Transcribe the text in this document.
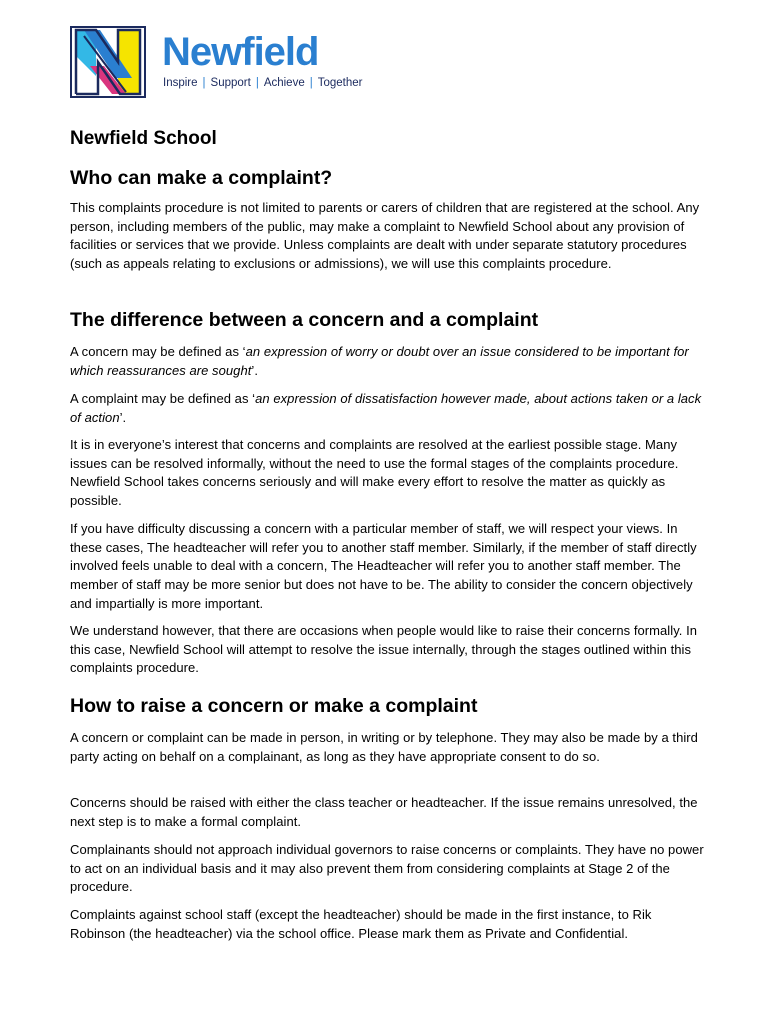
Newfield
Inspire | Support | Achieve | Together
Newfield School
Who can make a complaint?

This complaints procedure is not limited to parents or carers of children that are registered at the school. Any person, including members of the public, may make a complaint to Newfield School about any provision of facilities or services that we provide. Unless complaints are dealt with under separate statutory procedures (such as appeals relating to exclusions or admissions), we will use this complaints procedure.

The difference between a concern and a complaint

A concern may be defined as ‘an expression of worry or doubt over an issue considered to be important for which reassurances are sought’.

A complaint may be defined as ‘an expression of dissatisfaction however made, about actions taken or a lack of action’.

It is in everyone’s interest that concerns and complaints are resolved at the earliest possible stage. Many issues can be resolved informally, without the need to use the formal stages of the complaints procedure. Newfield School takes concerns seriously and will make every effort to resolve the matter as quickly as possible.

If you have difficulty discussing a concern with a particular member of staff, we will respect your views. In these cases, The headteacher will refer you to another staff member. Similarly, if the member of staff directly involved feels unable to deal with a concern, The Headteacher will refer you to another staff member. The member of staff may be more senior but does not have to be. The ability to consider the concern objectively and impartially is more important.

We understand however, that there are occasions when people would like to raise their concerns formally. In this case, Newfield School will attempt to resolve the issue internally, through the stages outlined within this complaints procedure.

How to raise a concern or make a complaint

A concern or complaint can be made in person, in writing or by telephone. They may also be made by a third party acting on behalf on a complainant, as long as they have appropriate consent to do so.

Concerns should be raised with either the class teacher or headteacher. If the issue remains unresolved, the next step is to make a formal complaint.

Complainants should not approach individual governors to raise concerns or complaints. They have no power to act on an individual basis and it may also prevent them from considering complaints at Stage 2 of the procedure.

Complaints against school staff (except the headteacher) should be made in the first instance, to Rik Robinson (the headteacher) via the school office. Please mark them as Private and Confidential.
